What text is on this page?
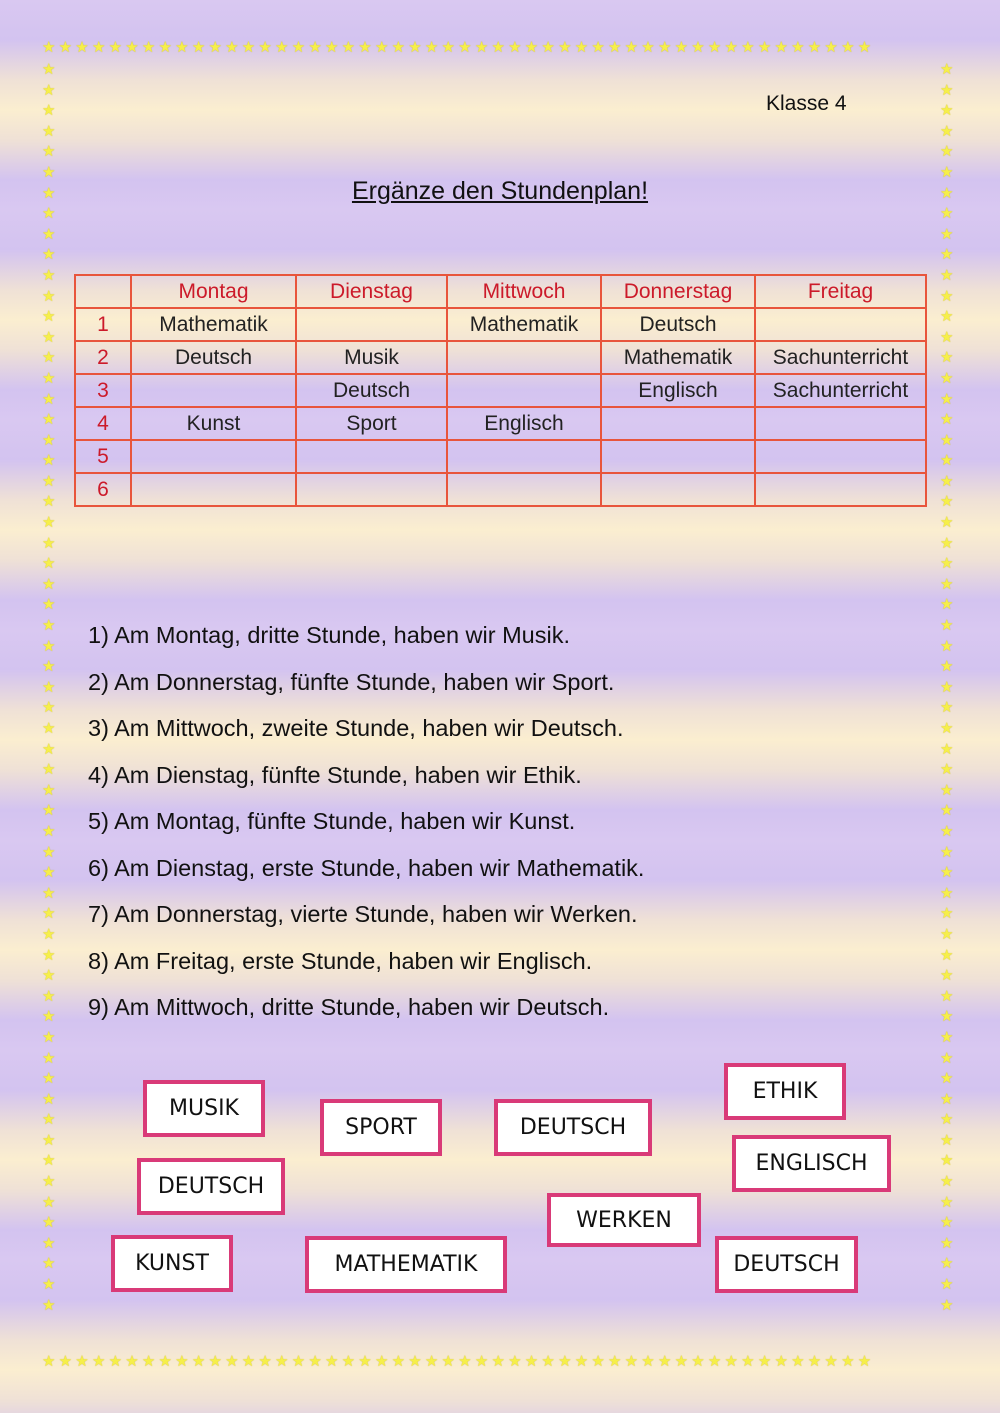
★★★★★★★★★★★★★★★★★★★★★★★★★★★★★★★★★★★★★★★★★★★★★★★★★★
★★★★★★★★★★★★★★★★★★★★★★★★★★★★★★★★★★★★★★★★★★★★★★★★★★
★★★★★★★★★★★★★★★★★★★★★★★★★★★★★★★★★★★★★★★★★★★★★★★★★★★★★★★★★★★★★
★★★★★★★★★★★★★★★★★★★★★★★★★★★★★★★★★★★★★★★★★★★★★★★★★★★★★★★★★★★★★
Klasse 4
Ergänze den Stundenplan!
	Montag	Dienstag	Mittwoch	Donnerstag	Freitag
1	Mathematik		Mathematik	Deutsch	
2	Deutsch	Musik		Mathematik	Sachunterricht
3		Deutsch		Englisch	Sachunterricht
4	Kunst	Sport	Englisch		
5					
6					
1) Am Montag, dritte Stunde, haben wir Musik.
2) Am Donnerstag, fünfte Stunde, haben wir Sport.
3) Am Mittwoch, zweite Stunde, haben wir Deutsch.
4) Am Dienstag, fünfte Stunde, haben wir Ethik.
5) Am Montag, fünfte Stunde, haben wir Kunst.
6) Am Dienstag, erste Stunde, haben wir Mathematik.
7) Am Donnerstag, vierte Stunde, haben wir Werken.
8) Am Freitag, erste Stunde, haben wir Englisch.
9) Am Mittwoch, dritte Stunde, haben wir Deutsch.
MUSIK
SPORT	DEUTSCH
ETHIK
DEUTSCH
ENGLISCH
WERKEN
KUNST	MATHEMATIK	DEUTSCH
